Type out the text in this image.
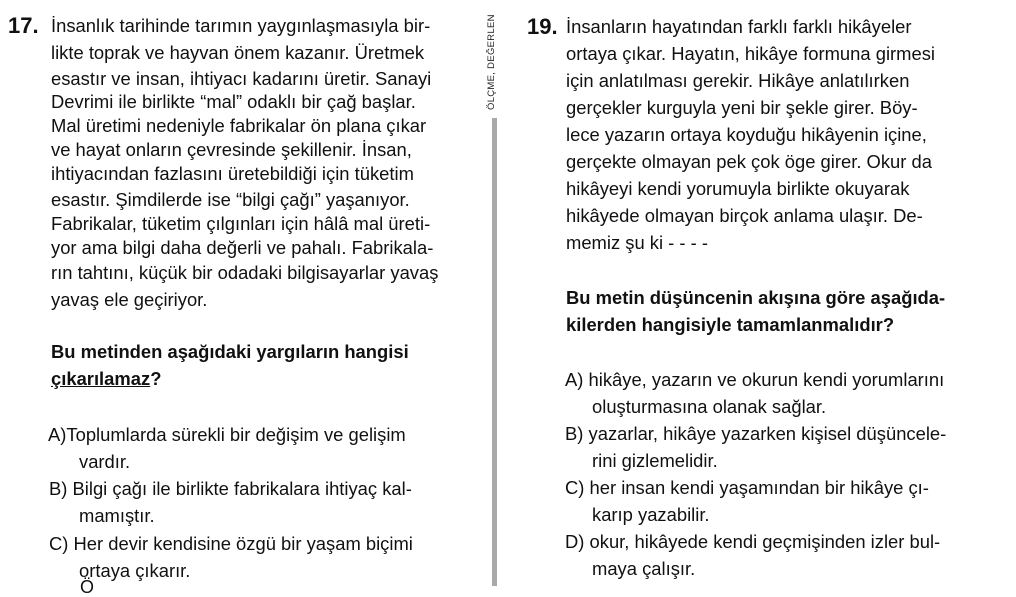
ÖLÇME, DEĞERLEN
17. İnsanlık tarihinde tarımın yaygınlaşmasıyla bir-

likte toprak ve hayvan önem kazanır. Üretmek

esastır ve insan, ihtiyacı kadarını üretir. Sanayi

Devrimi ile birlikte “mal” odaklı bir çağ başlar.

Mal üretimi nedeniyle fabrikalar ön plana çıkar

ve hayat onların çevresinde şekillenir. İnsan,

ihtiyacından fazlasını üretebildiği için tüketim

esastır. Şimdilerde ise “bilgi çağı” yaşanıyor.

Fabrikalar, tüketim çılgınları için hâlâ mal üreti-

yor ama bilgi daha değerli ve pahalı. Fabrikala-

rın tahtını, küçük bir odadaki bilgisayarlar yavaş

yavaş ele geçiriyor.

Bu metinden aşağıdaki yargıların hangisi

çıkarılamaz?

A)Toplumlarda sürekli bir değişim ve gelişim

vardır.

B) Bilgi çağı ile birlikte fabrikalara ihtiyaç kal-

mamıştır.

C) Her devir kendisine özgü bir yaşam biçimi

ortaya çıkarır.

Ö
19. İnsanların hayatından farklı farklı hikâyeler

ortaya çıkar. Hayatın, hikâye formuna girmesi

için anlatılması gerekir. Hikâye anlatılırken

gerçekler kurguyla yeni bir şekle girer. Böy-

lece yazarın ortaya koyduğu hikâyenin içine,

gerçekte olmayan pek çok öge girer. Okur da

hikâyeyi kendi yorumuyla birlikte okuyarak

hikâyede olmayan birçok anlama ulaşır. De-

memiz şu ki - - - -

Bu metin düşüncenin akışına göre aşağıda-

kilerden hangisiyle tamamlanmalıdır?

A) hikâye, yazarın ve okurun kendi yorumlarını

oluşturmasına olanak sağlar.

B) yazarlar, hikâye yazarken kişisel düşüncele-

rini gizlemelidir.

C) her insan kendi yaşamından bir hikâye çı-

karıp yazabilir.

D) okur, hikâyede kendi geçmişinden izler bul-

maya çalışır.
